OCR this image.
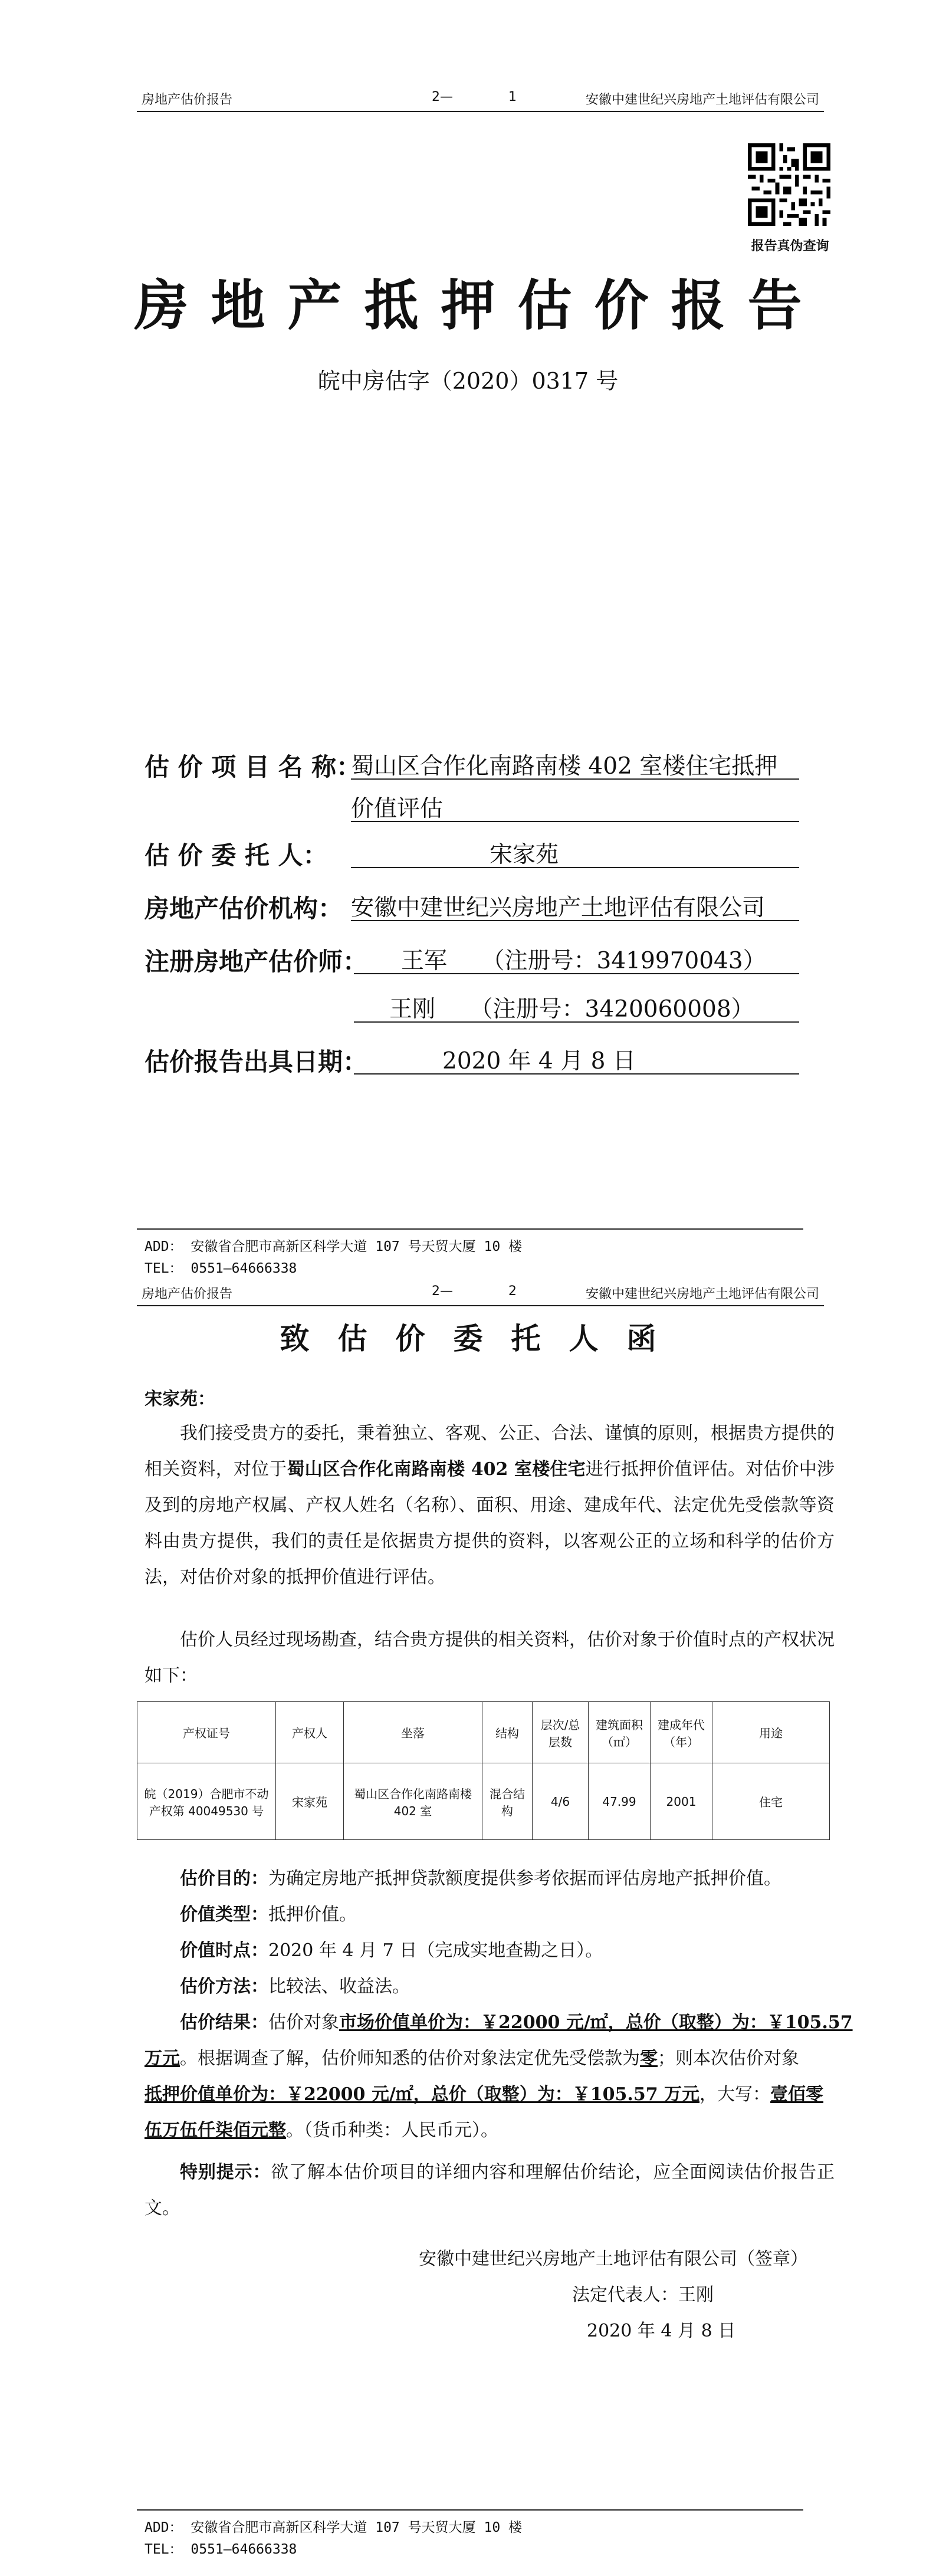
房地产估价报告	2—	1	安徽中建世纪兴房地产土地评估有限公司
报告真伪查询
房地产抵押估价报告
皖中房估字（2020）0317 号
估 价 项 目 名 称：
蜀山区合作化南路南楼 402 室楼住宅抵押
价值评估
估 价 委 托 人：	宋家苑
房地产估价机构： 安徽中建世纪兴房地产土地评估有限公司
注册房地产估价师： 王军　　（注册号：3419970043）
王刚　　（注册号：3420060008）
估价报告出具日期：	2020 年 4 月 8 日
ADD： 安徽省合肥市高新区科学大道 107 号天贸大厦 10 楼
TEL： 0551—64666338
房地产估价报告	2—	2	安徽中建世纪兴房地产土地评估有限公司
致估价委托人函
宋家苑：
我们接受贵方的委托，秉着独立、客观、公正、合法、谨慎的原则，根据贵方提供的相关资料，对位于蜀山区合作化南路南楼 402 室楼住宅进行抵押价值评估。对估价中涉及到的房地产权属、产权人姓名（名称）、面积、用途、建成年代、法定优先受偿款等资料由贵方提供，我们的责任是依据贵方提供的资料，以客观公正的立场和科学的估价方法，对估价对象的抵押价值进行评估。
估价人员经过现场勘查，结合贵方提供的相关资料，估价对象于价值时点的产权状况如下：
产权证号	产权人	坐落	结构	层次/总层数	建筑面积（㎡）	建成年代（年）	用途
皖（2019）合肥市不动产权第 40049530 号	宋家苑	蜀山区合作化南路南楼 402 室	混合结构	4/6	47.99	2001	住宅
估价目的：为确定房地产抵押贷款额度提供参考依据而评估房地产抵押价值。
价值类型：抵押价值。
价值时点：2020 年 4 月 7 日（完成实地查勘之日）。
估价方法：比较法、收益法。
估价结果：估价对象市场价值单价为：￥22000 元/㎡，总价（取整）为：￥105.57
万元。根据调查了解，估价师知悉的估价对象法定优先受偿款为零；则本次估价对象
抵押价值单价为：￥22000 元/㎡，总价（取整）为：￥105.57 万元，大写：壹佰零
伍万伍仟柒佰元整。（货币种类：人民币元）。
特别提示：欲了解本估价项目的详细内容和理解估价结论，应全面阅读估价报告正文。
安徽中建世纪兴房地产土地评估有限公司（签章）
法定代表人：王刚
2020 年 4 月 8 日
ADD： 安徽省合肥市高新区科学大道 107 号天贸大厦 10 楼
TEL： 0551—64666338
